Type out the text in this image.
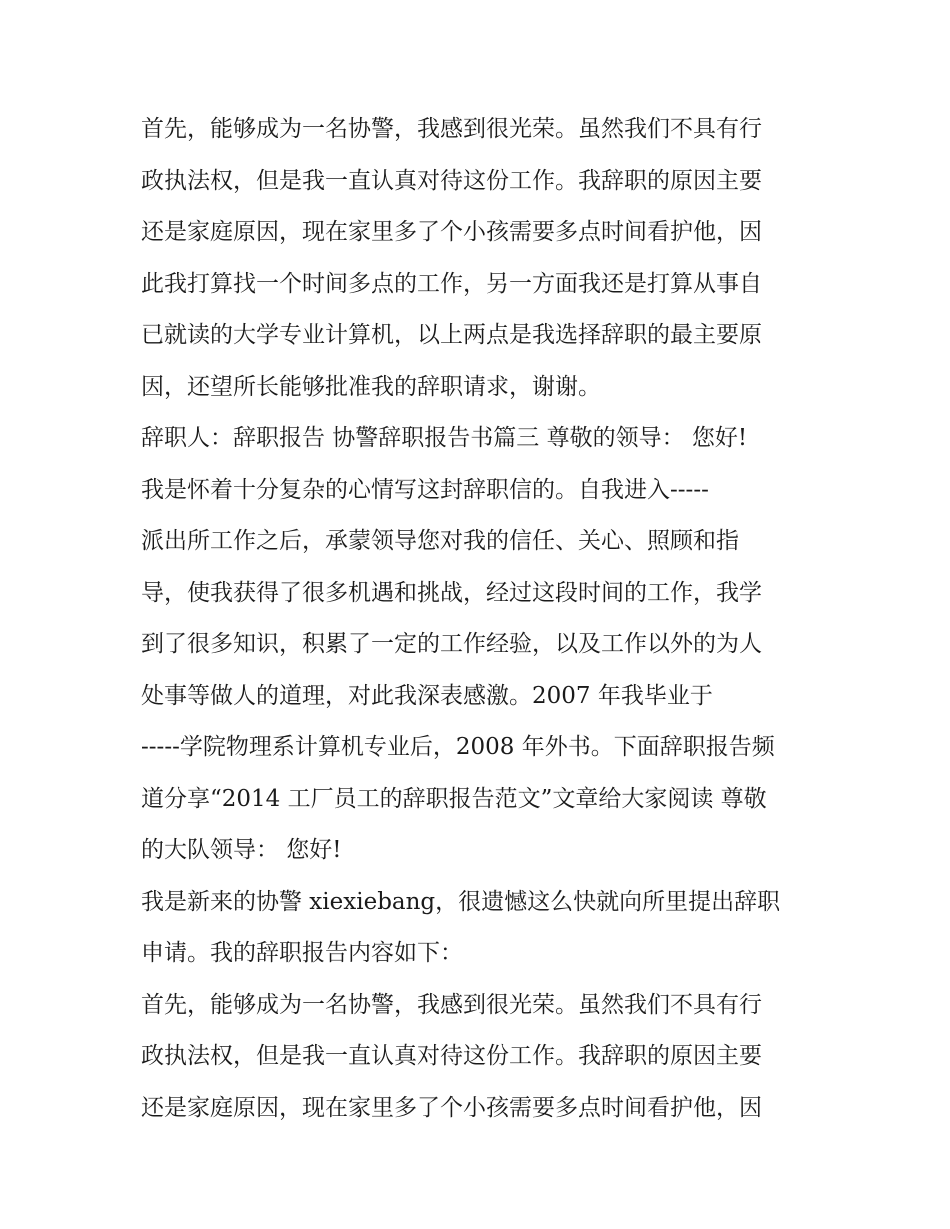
首先，能够成为一名协警，我感到很光荣。虽然我们不具有行
政执法权，但是我一直认真对待这份工作。我辞职的原因主要
还是家庭原因，现在家里多了个小孩需要多点时间看护他，因
此我打算找一个时间多点的工作，另一方面我还是打算从事自
已就读的大学专业计算机，以上两点是我选择辞职的最主要原
因，还望所长能够批准我的辞职请求，谢谢。
辞职人：辞职报告 协警辞职报告书篇三 尊敬的领导： 您好!
我是怀着十分复杂的心情写这封辞职信的。自我进入-----
派出所工作之后，承蒙领导您对我的信任、关心、照顾和指
导，使我获得了很多机遇和挑战，经过这段时间的工作，我学
到了很多知识，积累了一定的工作经验，以及工作以外的为人
处事等做人的道理，对此我深表感激。2007 年我毕业于
-----学院物理系计算机专业后，2008 年外书。下面辞职报告频
道分享“2014 工厂员工的辞职报告范文”文章给大家阅读 尊敬
的大队领导： 您好!
我是新来的协警 xiexiebang，很遗憾这么快就向所里提出辞职
申请。我的辞职报告内容如下：
首先，能够成为一名协警，我感到很光荣。虽然我们不具有行
政执法权，但是我一直认真对待这份工作。我辞职的原因主要
还是家庭原因，现在家里多了个小孩需要多点时间看护他，因
